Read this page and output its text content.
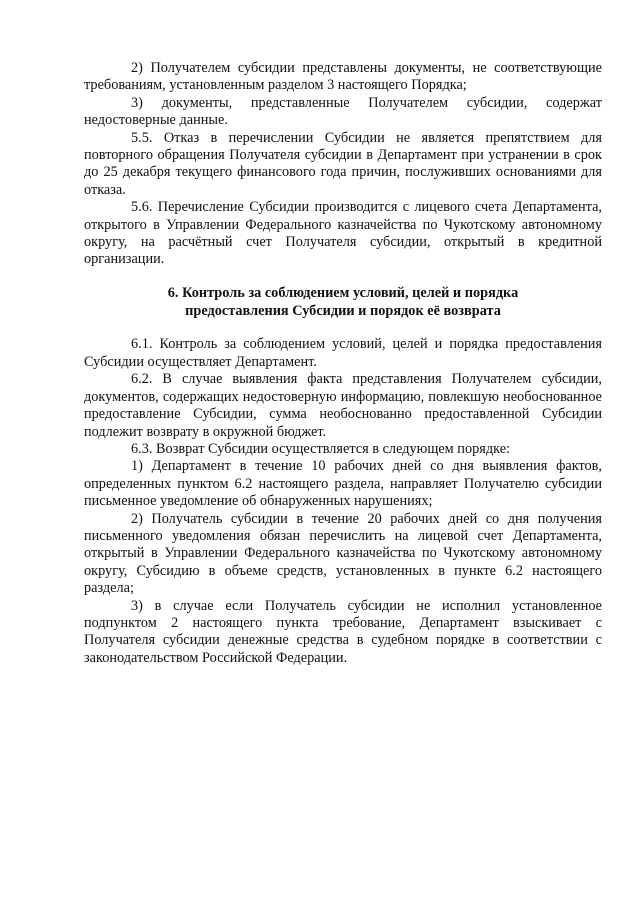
2) Получателем субсидии представлены документы, не соответствующие требованиям, установленным разделом 3 настоящего Порядка;

3) документы, представленные Получателем субсидии, содержат недостоверные данные.

5.5. Отказ в перечислении Субсидии не является препятствием для повторного обращения Получателя субсидии в Департамент при устранении в срок до 25 декабря текущего финансового года причин, послуживших основаниями для отказа.

5.6. Перечисление Субсидии производится с лицевого счета Департамента, открытого в Управлении Федерального казначейства по Чукотскому автономному округу, на расчётный счет Получателя субсидии, открытый в кредитной организации.

6. Контроль за соблюдением условий, целей и порядка
предоставления Субсидии и порядок её возврата

6.1. Контроль за соблюдением условий, целей и порядка предоставления Субсидии осуществляет Департамент.

6.2. В случае выявления факта представления Получателем субсидии, документов, содержащих недостоверную информацию, повлекшую необоснованное предоставление Субсидии, сумма необоснованно предоставленной Субсидии подлежит возврату в окружной бюджет.

6.3. Возврат Субсидии осуществляется в следующем порядке:

1) Департамент в течение 10 рабочих дней со дня выявления фактов, определенных пунктом 6.2 настоящего раздела, направляет Получателю субсидии письменное уведомление об обнаруженных нарушениях;

2) Получатель субсидии в течение 20 рабочих дней со дня получения письменного уведомления обязан перечислить на лицевой счет Департамента, открытый в Управлении Федерального казначейства по Чукотскому автономному округу, Субсидию в объеме средств, установленных в пункте 6.2 настоящего раздела;

3) в случае если Получатель субсидии не исполнил установленное подпунктом 2 настоящего пункта требование, Департамент взыскивает с Получателя субсидии денежные средства в судебном порядке в соответствии с законодательством Российской Федерации.
